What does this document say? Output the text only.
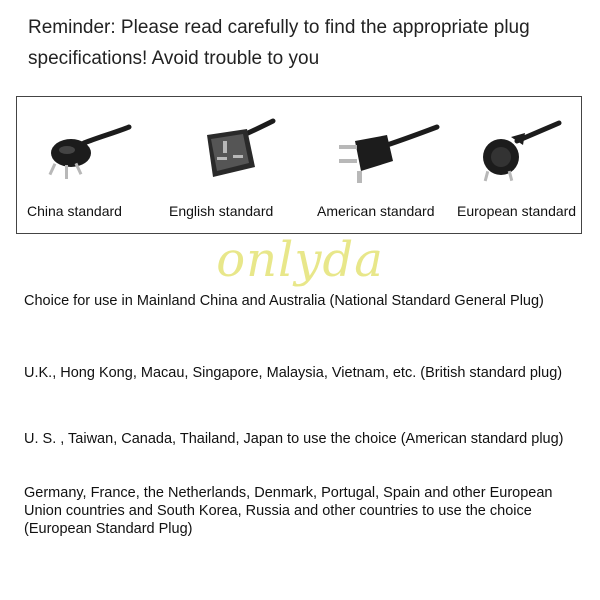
Reminder: Please read carefully to find the appropriate plug
specifications! Avoid trouble to you
China standard	English standard	American standard European standard
onlyda
Choice for use in Mainland China and Australia (National Standard General Plug)
U.K., Hong Kong, Macau, Singapore, Malaysia, Vietnam, etc. (British standard plug)
U. S. , Taiwan, Canada, Thailand, Japan to use the choice (American standard plug)
Germany, France, the Netherlands, Denmark, Portugal, Spain and other European Union countries and South Korea, Russia and other countries to use the choice (European Standard Plug)
